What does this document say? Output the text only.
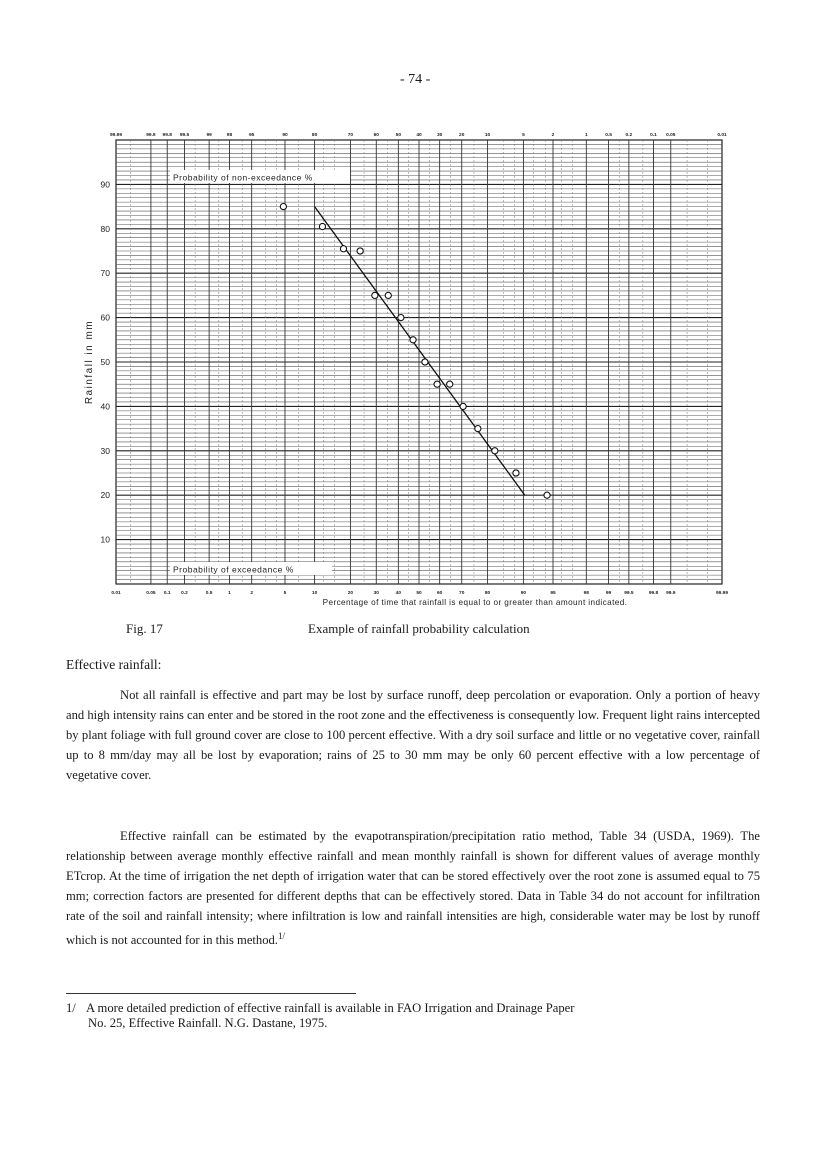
- 74 -
10
20
30
40
50
60
70
80
90
0.01
99.99
0.05
99.9
0.1
99.8
0.2
99.5
0.5
99
1
98
2
95
5
90
10
80
20
70
30
60
40
50
50
40
60
30
70
20
80
10
90
5
95
2
98
1
99
0.5
99.5
0.2
99.8
0.1
99.9
0.05
99.99
0.01
Rainfall in mm
Percentage of time that rainfall is equal to or greater than amount indicated.
Probability of non-exceedance %
Probability of exceedance %
Fig. 17	Example of rainfall probability calculation
Effective rainfall:

Not all rainfall is effective and part may be lost by surface runoff, deep percolation or evaporation. Only a portion of heavy and high intensity rains can enter and be stored in the root zone and the effectiveness is consequently low. Frequent light rains intercepted by plant foliage with full ground cover are close to 100 percent effective. With a dry soil surface and little or no vegetative cover, rainfall up to 8 mm/day may all be lost by evaporation; rains of 25 to 30 mm may be only 60 percent effective with a low percentage of vegetative cover.

Effective rainfall can be estimated by the evapotranspiration/precipitation ratio method, Table 34 (USDA, 1969). The relationship between average monthly effective rainfall and mean monthly rainfall is shown for different values of average monthly ETcrop. At the time of irrigation the net depth of irrigation water that can be stored effectively over the root zone is assumed equal to 75 mm; correction factors are presented for different depths that can be effectively stored. Data in Table 34 do not account for infiltration rate of the soil and rainfall intensity; where infiltration is low and rainfall intensities are high, considerable water may be lost by runoff which is not accounted for in this method.$^{1/}$

1/ A more detailed prediction of effective rainfall is available in FAO Irrigation and Drainage Paper
No. 25, Effective Rainfall. N.G. Dastane, 1975.
